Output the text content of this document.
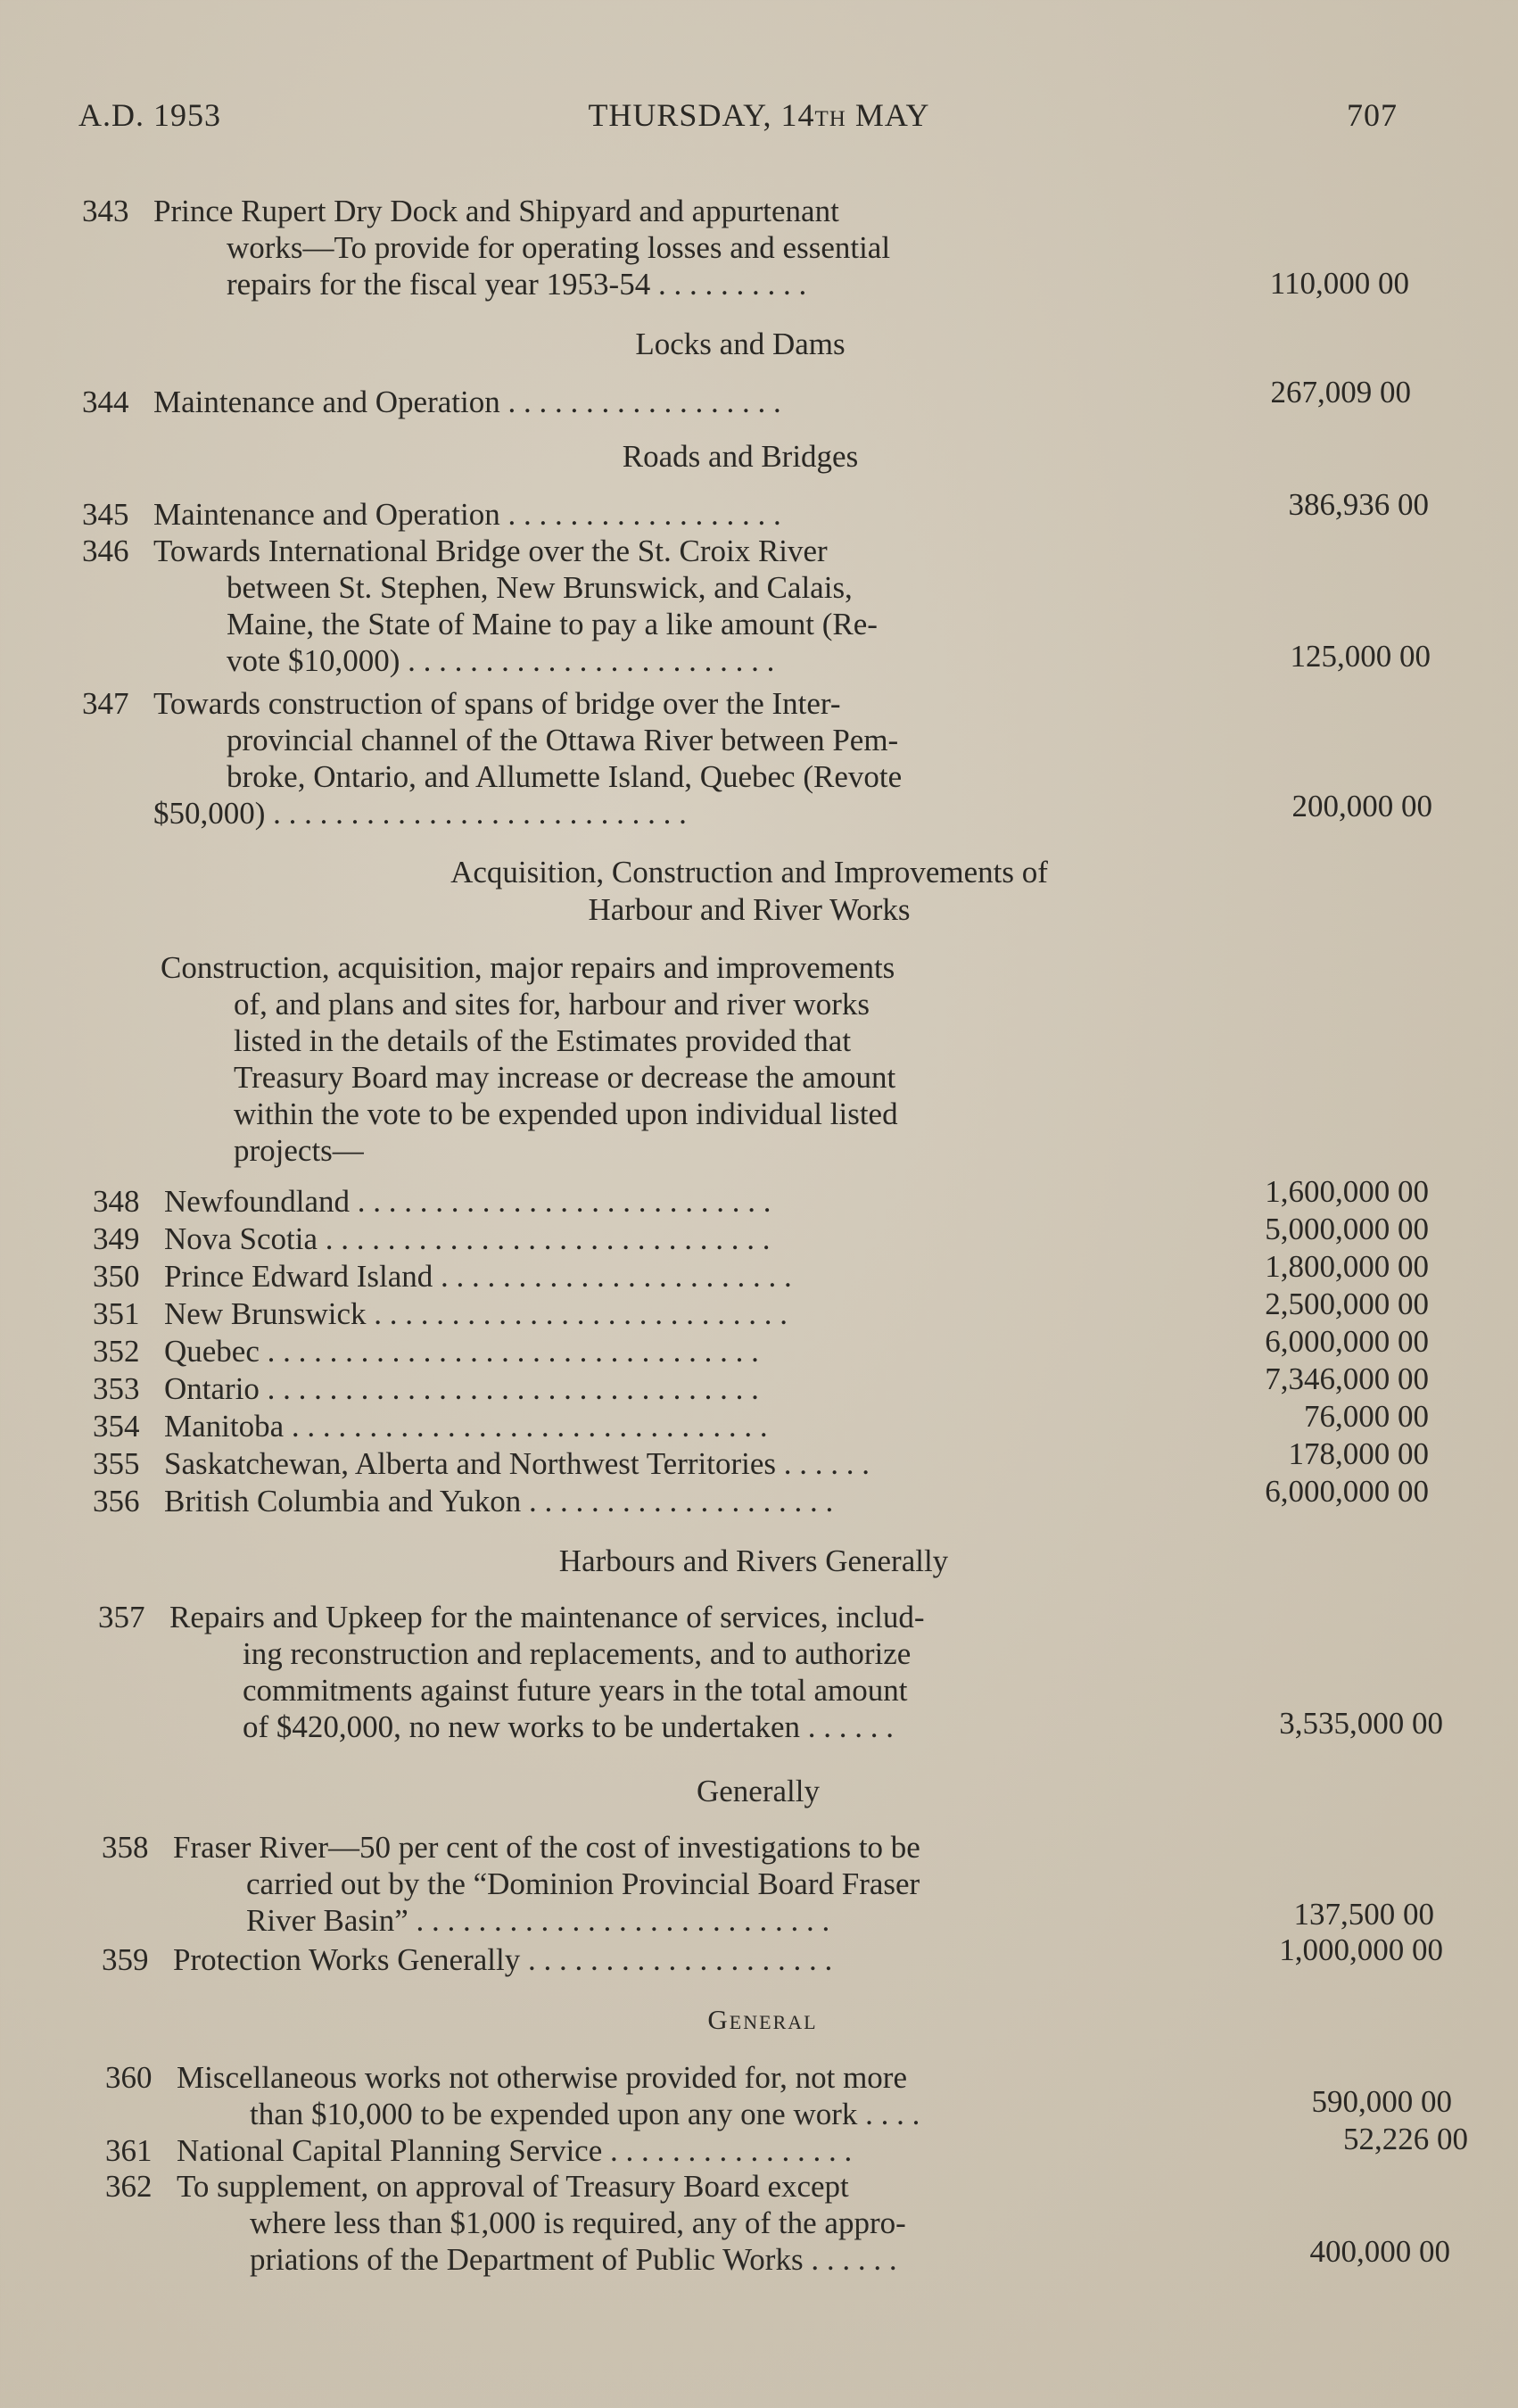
A.D. 1953	THURSDAY, 14th MAY	707
343 Prince Rupert Dry Dock and Shipyard and appurtenant
works—To provide for operating losses and essential
repairs for the fiscal year 1953-54 . . . . . . . . . .	110,000 00
Locks and Dams
344 Maintenance and Operation . . . . . . . . . . . . . . . . . .	267,009 00
Roads and Bridges
345 Maintenance and Operation . . . . . . . . . . . . . . . . . .	386,936 00
346 Towards International Bridge over the St. Croix River
between St. Stephen, New Brunswick, and Calais,
Maine, the State of Maine to pay a like amount (Re-
vote $10,000) . . . . . . . . . . . . . . . . . . . . . . . .	125,000 00
347 Towards construction of spans of bridge over the Inter-
provincial channel of the Ottawa River between Pem-
broke, Ontario, and Allumette Island, Quebec (Revote
$50,000) . . . . . . . . . . . . . . . . . . . . . . . . . . .	200,000 00
Acquisition, Construction and Improvements of
Harbour and River Works
Construction, acquisition, major repairs and improvements
of, and plans and sites for, harbour and river works
listed in the details of the Estimates provided that
Treasury Board may increase or decrease the amount
within the vote to be expended upon individual listed
projects—
348 Newfoundland . . . . . . . . . . . . . . . . . . . . . . . . . . .	1,600,000 00
349 Nova Scotia . . . . . . . . . . . . . . . . . . . . . . . . . . . . .	5,000,000 00
350 Prince Edward Island . . . . . . . . . . . . . . . . . . . . . . .	1,800,000 00
351 New Brunswick . . . . . . . . . . . . . . . . . . . . . . . . . . .	2,500,000 00
352 Quebec . . . . . . . . . . . . . . . . . . . . . . . . . . . . . . . .	6,000,000 00
353 Ontario . . . . . . . . . . . . . . . . . . . . . . . . . . . . . . . .	7,346,000 00
354 Manitoba . . . . . . . . . . . . . . . . . . . . . . . . . . . . . . .	76,000 00
355 Saskatchewan, Alberta and Northwest Territories . . . . . .	178,000 00
356 British Columbia and Yukon . . . . . . . . . . . . . . . . . . . .	6,000,000 00
Harbours and Rivers Generally
357 Repairs and Upkeep for the maintenance of services, includ-
ing reconstruction and replacements, and to authorize
commitments against future years in the total amount
of $420,000, no new works to be undertaken . . . . . .	3,535,000 00
Generally
358 Fraser River—50 per cent of the cost of investigations to be
carried out by the “Dominion Provincial Board Fraser
River Basin” . . . . . . . . . . . . . . . . . . . . . . . . . . .	137,500 00
359 Protection Works Generally . . . . . . . . . . . . . . . . . . . .	1,000,000 00
General
360 Miscellaneous works not otherwise provided for, not more
than $10,000 to be expended upon any one work . . . .	590,000 00
361 National Capital Planning Service . . . . . . . . . . . . . . . .	52,226 00
362 To supplement, on approval of Treasury Board except
where less than $1,000 is required, any of the appro-
priations of the Department of Public Works . . . . . .	400,000 00
